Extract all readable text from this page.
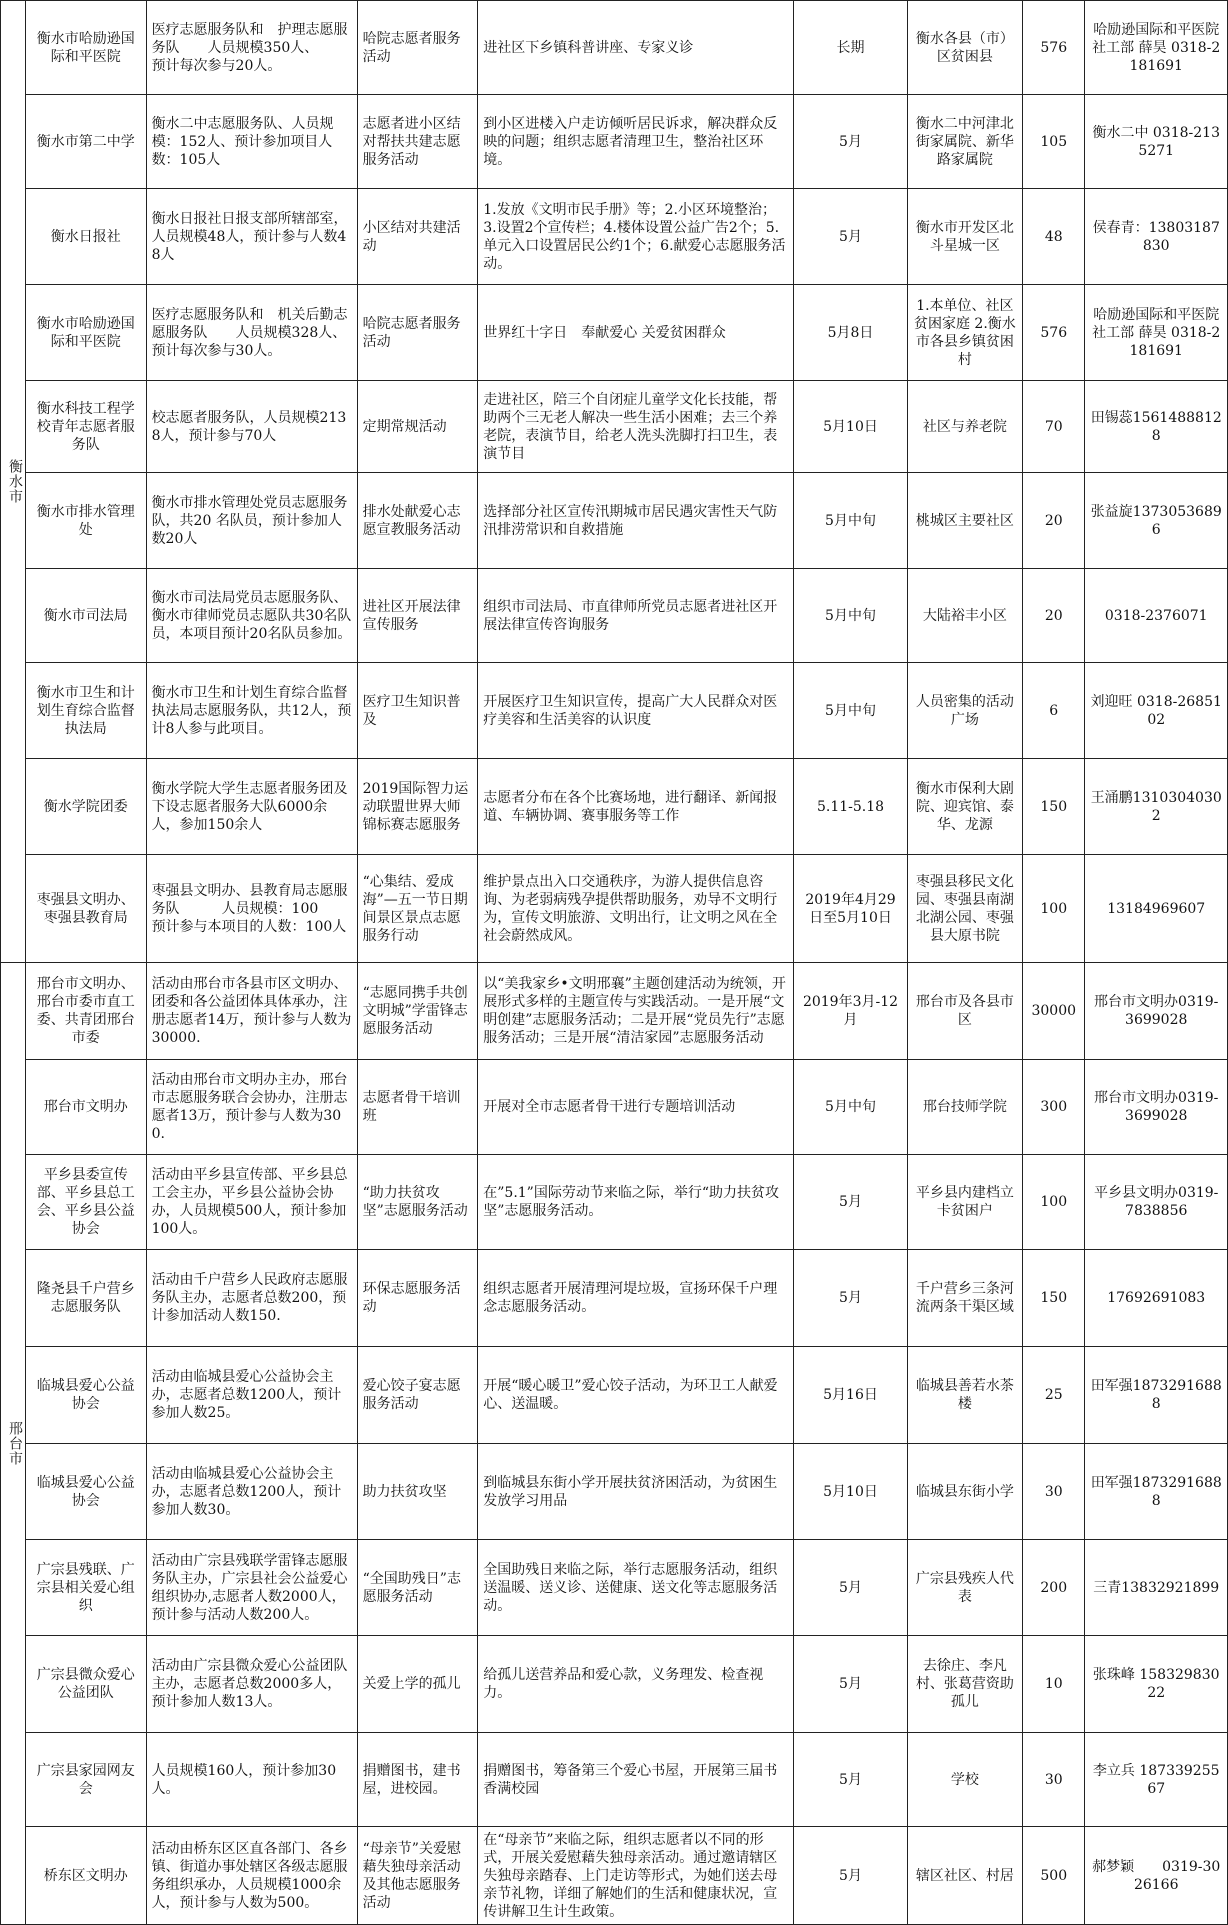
衡水市	衡水市哈励逊国际和平医院	医疗志愿服务队和　护理志愿服务队　　人员规模350人、　　预计每次参与20人。	哈院志愿者服务活动	进社区下乡镇科普讲座、专家义诊	长期	衡水各县（市）区贫困县	576	哈励逊国际和平医院社工部 薛昊 0318-2181691
	衡水市第二中学	衡水二中志愿服务队、人员规模：152人、预计参加项目人数：105人	志愿者进小区结对帮扶共建志愿服务活动	到小区进楼入户走访倾听居民诉求，解决群众反映的问题；组织志愿者清理卫生，整治社区环境。	5月	衡水二中河津北街家属院、新华路家属院	105	衡水二中 0318-2135271
	衡水日报社	衡水日报社日报支部所辖部室，人员规模48人，预计参与人数48人	小区结对共建活动	1.发放《文明市民手册》等；2.小区环境整治；3.设置2个宣传栏；4.楼体设置公益广告2个；5.单元入口设置居民公约1个；6.献爱心志愿服务活动。	5月	衡水市开发区北斗星城一区	48	侯春青：13803187830
	衡水市哈励逊国际和平医院	医疗志愿服务队和　机关后勤志愿服务队　　人员规模328人、　　预计每次参与30人。	哈院志愿者服务活动	世界红十字日　奉献爱心 关爱贫困群众	5月8日	1.本单位、社区贫困家庭 2.衡水市各县乡镇贫困村	576	哈励逊国际和平医院社工部 薛昊 0318-2181691
	衡水科技工程学校青年志愿者服务队	校志愿者服务队，人员规模2138人，预计参与70人	定期常规活动	走进社区，陪三个自闭症儿童学文化长技能，帮助两个三无老人解决一些生活小困难；去三个养老院，表演节目，给老人洗头洗脚打扫卫生，表演节目	5月10日	社区与养老院	70	田锡蕊15614888128
	衡水市排水管理处	衡水市排水管理处党员志愿服务队，共20 名队员，预计参加人数20人	排水处献爱心志愿宣教服务活动	选择部分社区宣传汛期城市居民遇灾害性天气防汛排涝常识和自救措施	5月中旬	桃城区主要社区	20	张益旋13730536896
	衡水市司法局	衡水市司法局党员志愿服务队、衡水市律师党员志愿队共30名队员，本项目预计20名队员参加。	进社区开展法律宣传服务	组织市司法局、市直律师所党员志愿者进社区开展法律宣传咨询服务	5月中旬	大陆裕丰小区	20	0318-2376071
	衡水市卫生和计划生育综合监督执法局	衡水市卫生和计划生育综合监督执法局志愿服务队，共12人，预计8人参与此项目。	医疗卫生知识普及	开展医疗卫生知识宣传，提高广大人民群众对医疗美容和生活美容的认识度	5月中旬	人员密集的活动广场	6	刘迎旺 0318-2685102
	衡水学院团委	衡水学院大学生志愿者服务团及下设志愿者服务大队6000余人，参加150余人	2019国际智力运动联盟世界大师锦标赛志愿服务	志愿者分布在各个比赛场地，进行翻译、新闻报道、车辆协调、赛事服务等工作	5.11-5.18	衡水市保利大剧院、迎宾馆、泰华、龙源	150	王涌鹏13103040302
	枣强县文明办、枣强县教育局	枣强县文明办、县教育局志愿服务队　　　人员规模：100　　　预计参与本项目的人数：100人	“心集结、爱成海”—五一节日期间景区景点志愿服务行动	维护景点出入口交通秩序，为游人提供信息咨询、为老弱病残孕提供帮助服务，劝导不文明行为，宣传文明旅游、文明出行，让文明之风在全社会蔚然成风。	2019年4月29日至5月10日	枣强县移民文化园、枣强县南湖北湖公园、枣强县大原书院	100	13184969607

邢台市	邢台市文明办、邢台市委市直工委、共青团邢台市委	活动由邢台市各县市区文明办、团委和各公益团体具体承办，注册志愿者14万，预计参与人数为30000.	“志愿同携手共创文明城”学雷锋志愿服务活动	以“美我家乡•文明邢襄”主题创建活动为统领，开展形式多样的主题宣传与实践活动。一是开展“文明创建”志愿服务活动；二是开展“党员先行”志愿服务活动；三是开展“清洁家园”志愿服务活动	2019年3月-12月	邢台市及各县市区	30000	邢台市文明办0319-3699028
	邢台市文明办	活动由邢台市文明办主办，邢台市志愿服务联合会协办，注册志愿者13万，预计参与人数为300.	志愿者骨干培训班	开展对全市志愿者骨干进行专题培训活动	5月中旬	邢台技师学院	300	邢台市文明办0319-3699028
	平乡县委宣传部、平乡县总工会、平乡县公益协会	活动由平乡县宣传部、平乡县总工会主办，平乡县公益协会协办，人员规模500人，预计参加100人。	“助力扶贫攻坚”志愿服务活动	在”5.1”国际劳动节来临之际，举行“助力扶贫攻坚”志愿服务活动。	5月	平乡县内建档立卡贫困户	100	平乡县文明办0319-7838856
	隆尧县千户营乡志愿服务队	活动由千户营乡人民政府志愿服务队主办，志愿者总数200，预计参加活动人数150.	环保志愿服务活动	组织志愿者开展清理河堤垃圾，宣扬环保千户理念志愿服务活动。	5月	千户营乡三条河流两条干渠区域	150	17692691083
	临城县爱心公益协会	活动由临城县爱心公益协会主办，志愿者总数1200人，预计参加人数25。	爱心饺子宴志愿服务活动	开展“暖心暖卫”爱心饺子活动，为环卫工人献爱心、送温暖。	5月16日	临城县善若水茶楼	25	田军强18732916888
	临城县爱心公益协会	活动由临城县爱心公益协会主办，志愿者总数1200人，预计参加人数30。	助力扶贫攻坚	到临城县东街小学开展扶贫济困活动，为贫困生发放学习用品	5月10日	临城县东街小学	30	田军强18732916888
	广宗县残联、广宗县相关爱心组织	活动由广宗县残联学雷锋志愿服务队主办，广宗县社会公益爱心组织协办,志愿者人数2000人，预计参与活动人数200人。	“全国助残日”志愿服务活动	全国助残日来临之际，举行志愿服务活动，组织送温暖、送义诊、送健康、送文化等志愿服务活动。	5月	广宗县残疾人代表	200	三青13832921899
	广宗县微众爱心公益团队	活动由广宗县微众爱心公益团队主办，志愿者总数2000多人，预计参加人数13人。	关爱上学的孤儿	给孤儿送营养品和爱心款，义务理发、检查视力。	5月	去徐庄、李凡村、张葛营资助孤儿	10	张珠峰 15832983022
	广宗县家园网友会	人员规模160人，预计参加30人。	捐赠图书，建书屋，进校园。	捐赠图书，筹备第三个爱心书屋，开展第三届书香满校园	5月	学校	30	李立兵 18733925567
	桥东区文明办	活动由桥东区区直各部门、各乡镇、街道办事处辖区各级志愿服务组织承办，人员规模1000余人，预计参与人数为500。	“母亲节”关爱慰藉失独母亲活动及其他志愿服务活动	在“母亲节”来临之际，组织志愿者以不同的形式，开展关爱慰藉失独母亲活动。通过邀请辖区失独母亲踏春、上门走访等形式，为她们送去母亲节礼物，详细了解她们的生活和健康状况，宣传讲解卫生计生政策。	5月	辖区社区、村居	500	郝梦颖　　0319-3026166
